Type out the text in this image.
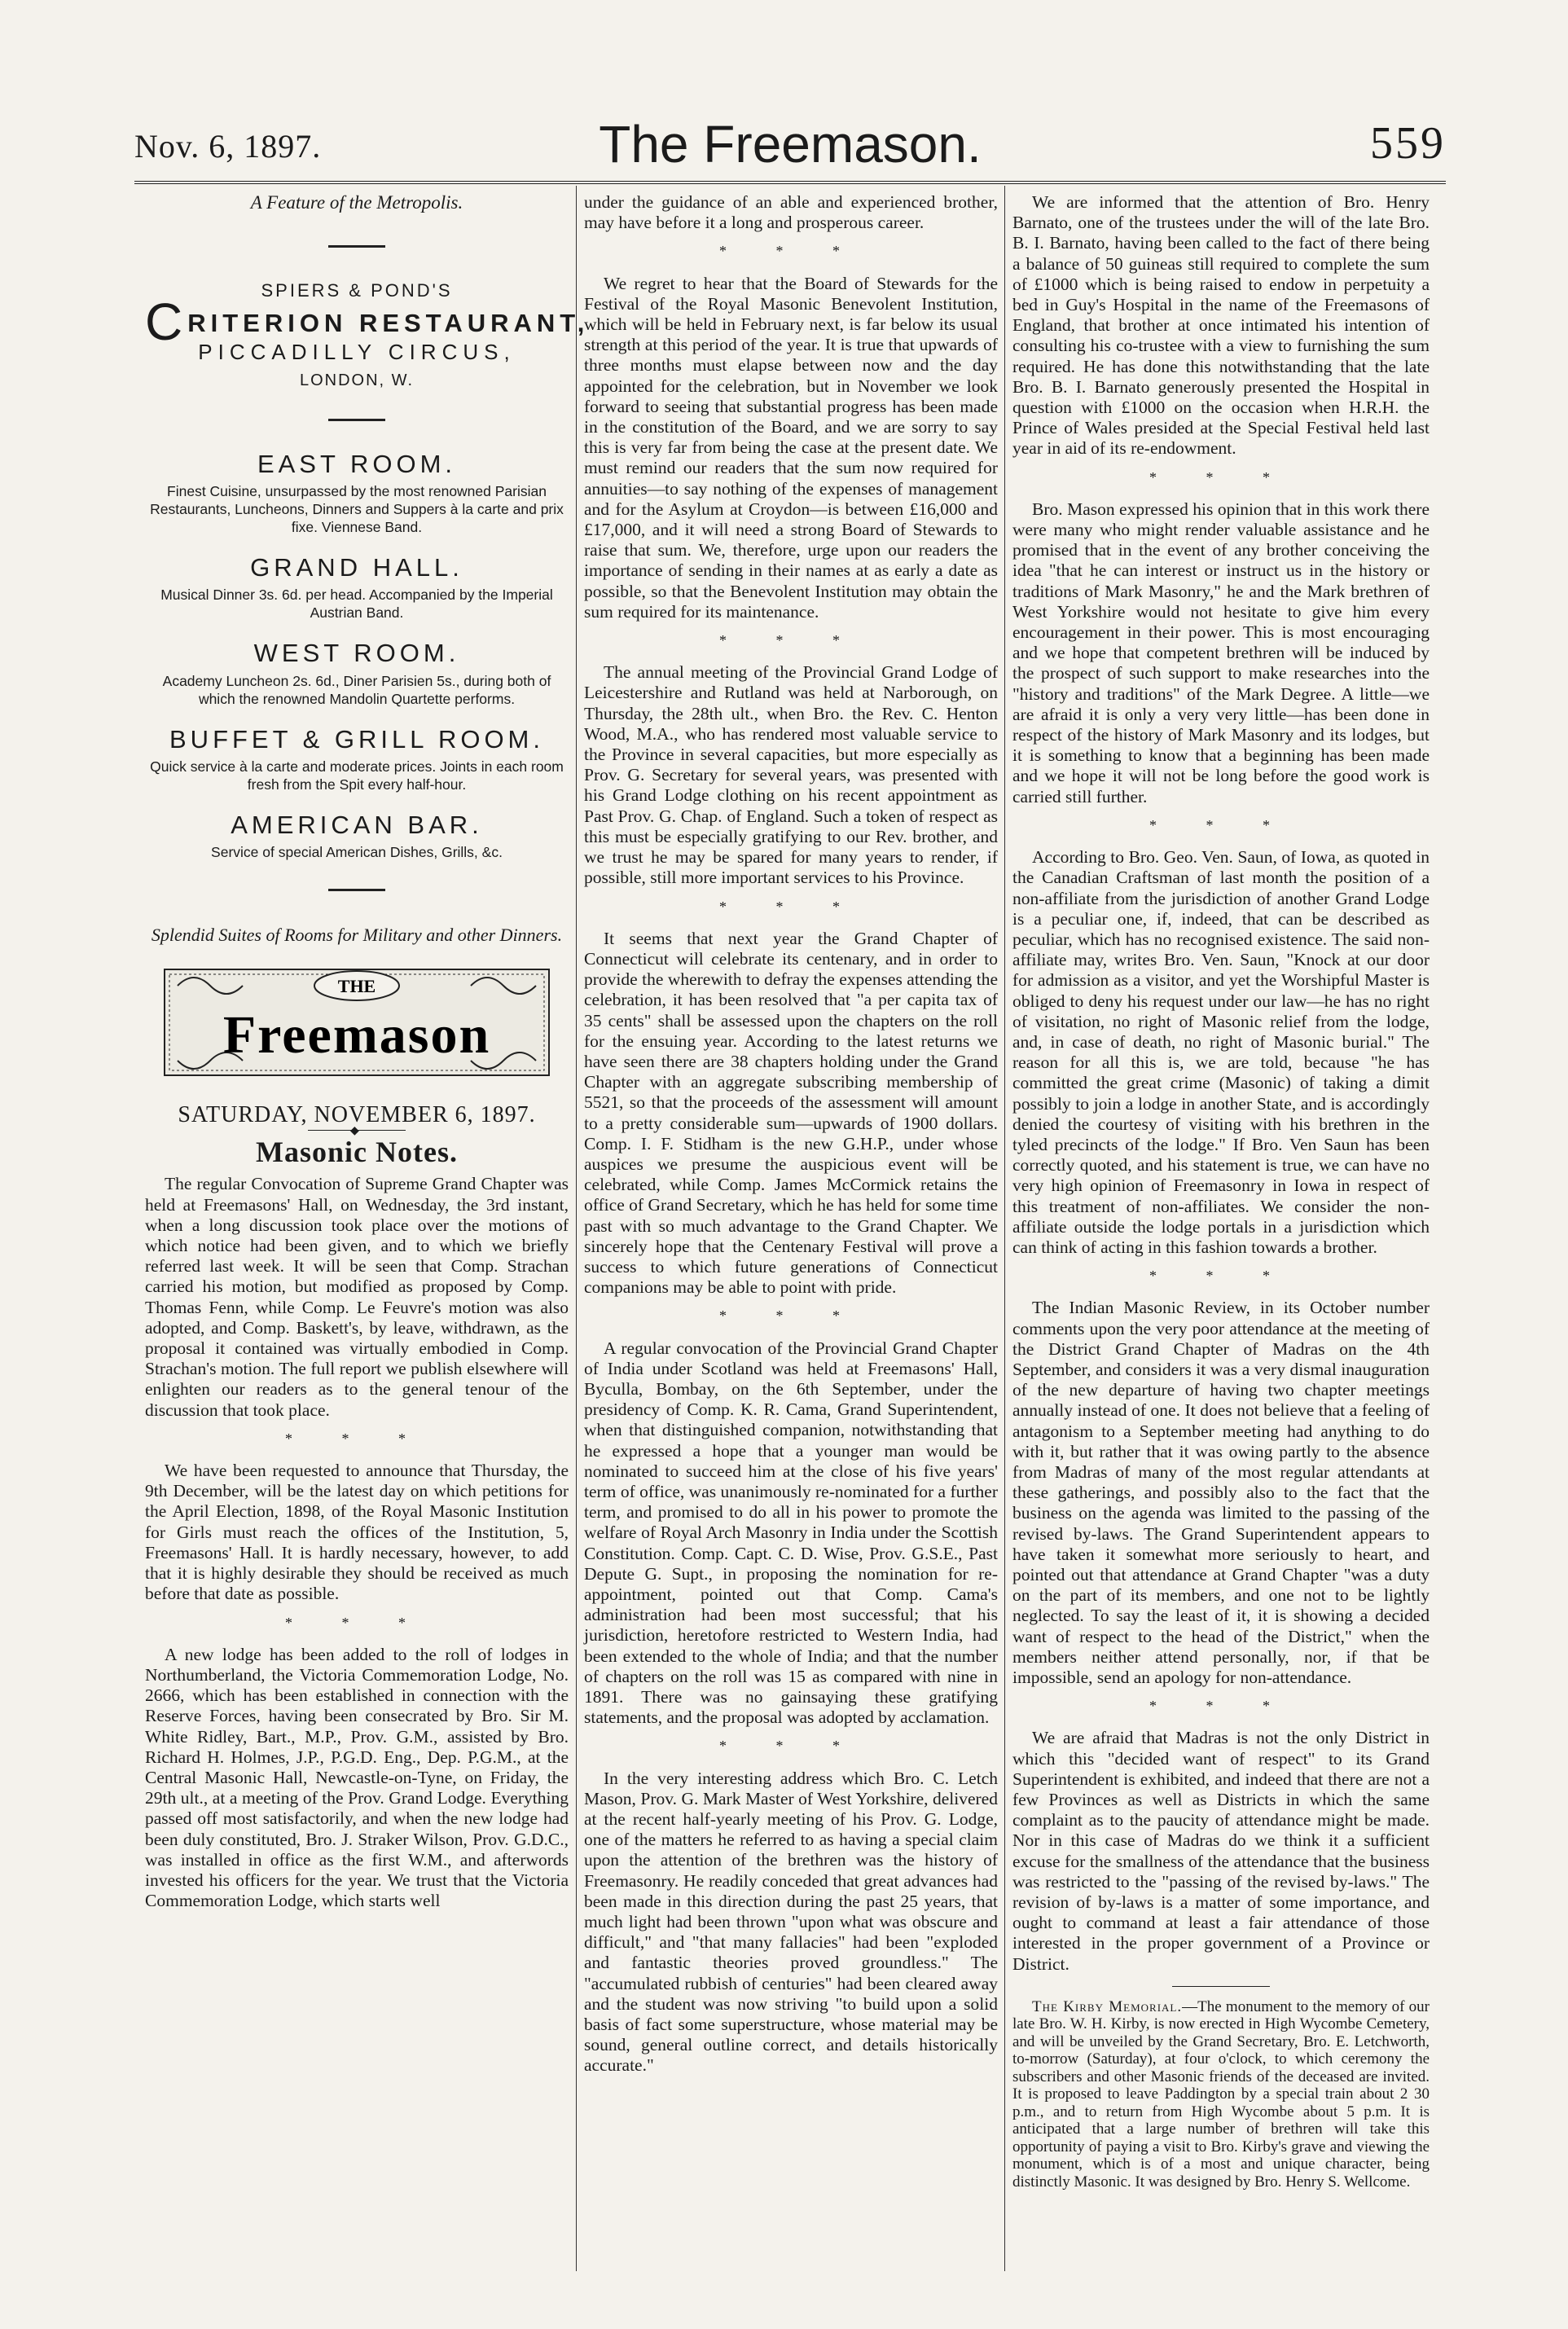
Nov. 6, 1897.	The Freemason.	559
A Feature of the Metropolis.
SPIERS & POND'S
CRITERION RESTAURANT,
PICCADILLY CIRCUS,
LONDON, W.
EAST ROOM.
Finest Cuisine, unsurpassed by the most renowned Parisian Restaurants, Luncheons, Dinners and Suppers à la carte and prix fixe. Viennese Band.
GRAND HALL.
Musical Dinner 3s. 6d. per head. Accompanied by the Imperial Austrian Band.
WEST ROOM.
Academy Luncheon 2s. 6d., Diner Parisien 5s., during both of which the renowned Mandolin Quartette performs.
BUFFET & GRILL ROOM.
Quick service à la carte and moderate prices. Joints in each room fresh from the Spit every half-hour.
AMERICAN BAR.
Service of special American Dishes, Grills, &c.
Splendid Suites of Rooms for Military and other Dinners.
THE
Freemason
SATURDAY, NOVEMBER 6, 1897.
◆
Masonic Notes.

The regular Convocation of Supreme Grand Chapter was held at Freemasons' Hall, on Wednesday, the 3rd instant, when a long discussion took place over the motions of which notice had been given, and to which we briefly referred last week. It will be seen that Comp. Strachan carried his motion, but modified as proposed by Comp. Thomas Fenn, while Comp. Le Feuvre's motion was also adopted, and Comp. Baskett's, by leave, withdrawn, as the proposal it contained was virtually embodied in Comp. Strachan's motion. The full report we publish elsewhere will enlighten our readers as to the general tenour of the discussion that took place.

* * *

We have been requested to announce that Thursday, the 9th December, will be the latest day on which petitions for the April Election, 1898, of the Royal Masonic Institution for Girls must reach the offices of the Institution, 5, Freemasons' Hall. It is hardly necessary, however, to add that it is highly desirable they should be received as much before that date as possible.

* * *

A new lodge has been added to the roll of lodges in Northumberland, the Victoria Commemoration Lodge, No. 2666, which has been established in connection with the Reserve Forces, having been consecrated by Bro. Sir M. White Ridley, Bart., M.P., Prov. G.M., assisted by Bro. Richard H. Holmes, J.P., P.G.D. Eng., Dep. P.G.M., at the Central Masonic Hall, Newcastle-on-Tyne, on Friday, the 29th ult., at a meeting of the Prov. Grand Lodge. Everything passed off most satisfactorily, and when the new lodge had been duly constituted, Bro. J. Straker Wilson, Prov. G.D.C., was installed in office as the first W.M., and afterwords invested his officers for the year. We trust that the Victoria Commemoration Lodge, which starts well

under the guidance of an able and experienced brother, may have before it a long and prosperous career.

* * *

We regret to hear that the Board of Stewards for the Festival of the Royal Masonic Benevolent Institution, which will be held in February next, is far below its usual strength at this period of the year. It is true that upwards of three months must elapse between now and the day appointed for the celebration, but in November we look forward to seeing that substantial progress has been made in the constitution of the Board, and we are sorry to say this is very far from being the case at the present date. We must remind our readers that the sum now required for annuities—to say nothing of the expenses of management and for the Asylum at Croydon—is between £16,000 and £17,000, and it will need a strong Board of Stewards to raise that sum. We, therefore, urge upon our readers the importance of sending in their names at as early a date as possible, so that the Benevolent Institution may obtain the sum required for its maintenance.

* * *

The annual meeting of the Provincial Grand Lodge of Leicestershire and Rutland was held at Narborough, on Thursday, the 28th ult., when Bro. the Rev. C. Henton Wood, M.A., who has rendered most valuable service to the Province in several capacities, but more especially as Prov. G. Secretary for several years, was presented with his Grand Lodge clothing on his recent appointment as Past Prov. G. Chap. of England. Such a token of respect as this must be especially gratifying to our Rev. brother, and we trust he may be spared for many years to render, if possible, still more important services to his Province.

* * *

It seems that next year the Grand Chapter of Connecticut will celebrate its centenary, and in order to provide the wherewith to defray the expenses attending the celebration, it has been resolved that "a per capita tax of 35 cents" shall be assessed upon the chapters on the roll for the ensuing year. According to the latest returns we have seen there are 38 chapters holding under the Grand Chapter with an aggregate subscribing membership of 5521, so that the proceeds of the assessment will amount to a pretty considerable sum—upwards of 1900 dollars. Comp. I. F. Stidham is the new G.H.P., under whose auspices we presume the auspicious event will be celebrated, while Comp. James McCormick retains the office of Grand Secretary, which he has held for some time past with so much advantage to the Grand Chapter. We sincerely hope that the Centenary Festival will prove a success to which future generations of Connecticut companions may be able to point with pride.

* * *

A regular convocation of the Provincial Grand Chapter of India under Scotland was held at Freemasons' Hall, Byculla, Bombay, on the 6th September, under the presidency of Comp. K. R. Cama, Grand Superintendent, when that distinguished companion, notwithstanding that he expressed a hope that a younger man would be nominated to succeed him at the close of his five years' term of office, was unanimously re-nominated for a further term, and promised to do all in his power to promote the welfare of Royal Arch Masonry in India under the Scottish Constitution. Comp. Capt. C. D. Wise, Prov. G.S.E., Past Depute G. Supt., in proposing the nomination for re-appointment, pointed out that Comp. Cama's administration had been most successful; that his jurisdiction, heretofore restricted to Western India, had been extended to the whole of India; and that the number of chapters on the roll was 15 as compared with nine in 1891. There was no gainsaying these gratifying statements, and the proposal was adopted by acclamation.

* * *

In the very interesting address which Bro. C. Letch Mason, Prov. G. Mark Master of West Yorkshire, delivered at the recent half-yearly meeting of his Prov. G. Lodge, one of the matters he referred to as having a special claim upon the attention of the brethren was the history of Freemasonry. He readily conceded that great advances had been made in this direction during the past 25 years, that much light had been thrown "upon what was obscure and difficult," and "that many fallacies" had been "exploded and fantastic theories proved groundless." The "accumulated rubbish of centuries" had been cleared away and the student was now striving "to build upon a solid basis of fact some superstructure, whose material may be sound, general outline correct, and details historically accurate."

We are informed that the attention of Bro. Henry Barnato, one of the trustees under the will of the late Bro. B. I. Barnato, having been called to the fact of there being a balance of 50 guineas still required to complete the sum of £1000 which is being raised to endow in perpetuity a bed in Guy's Hospital in the name of the Freemasons of England, that brother at once intimated his intention of consulting his co-trustee with a view to furnishing the sum required. He has done this notwithstanding that the late Bro. B. I. Barnato generously presented the Hospital in question with £1000 on the occasion when H.R.H. the Prince of Wales presided at the Special Festival held last year in aid of its re-endowment.

* * *

Bro. Mason expressed his opinion that in this work there were many who might render valuable assistance and he promised that in the event of any brother conceiving the idea "that he can interest or instruct us in the history or traditions of Mark Masonry," he and the Mark brethren of West Yorkshire would not hesitate to give him every encouragement in their power. This is most encouraging and we hope that competent brethren will be induced by the prospect of such support to make researches into the "history and traditions" of the Mark Degree. A little—we are afraid it is only a very very little—has been done in respect of the history of Mark Masonry and its lodges, but it is something to know that a beginning has been made and we hope it will not be long before the good work is carried still further.

* * *

According to Bro. Geo. Ven. Saun, of Iowa, as quoted in the Canadian Craftsman of last month the position of a non-affiliate from the jurisdiction of another Grand Lodge is a peculiar one, if, indeed, that can be described as peculiar, which has no recognised existence. The said non-affiliate may, writes Bro. Ven. Saun, "Knock at our door for admission as a visitor, and yet the Worshipful Master is obliged to deny his request under our law—he has no right of visitation, no right of Masonic relief from the lodge, and, in case of death, no right of Masonic burial." The reason for all this is, we are told, because "he has committed the great crime (Masonic) of taking a dimit possibly to join a lodge in another State, and is accordingly denied the courtesy of visiting with his brethren in the tyled precincts of the lodge." If Bro. Ven Saun has been correctly quoted, and his statement is true, we can have no very high opinion of Freemasonry in Iowa in respect of this treatment of non-affiliates. We consider the non-affiliate outside the lodge portals in a jurisdiction which can think of acting in this fashion towards a brother.

* * *

The Indian Masonic Review, in its October number comments upon the very poor attendance at the meeting of the District Grand Chapter of Madras on the 4th September, and considers it was a very dismal inauguration of the new departure of having two chapter meetings annually instead of one. It does not believe that a feeling of antagonism to a September meeting had anything to do with it, but rather that it was owing partly to the absence from Madras of many of the most regular attendants at these gatherings, and possibly also to the fact that the business on the agenda was limited to the passing of the revised by-laws. The Grand Superintendent appears to have taken it somewhat more seriously to heart, and pointed out that attendance at Grand Chapter "was a duty on the part of its members, and one not to be lightly neglected. To say the least of it, it is showing a decided want of respect to the head of the District," when the members neither attend personally, nor, if that be impossible, send an apology for non-attendance.

* * *

We are afraid that Madras is not the only District in which this "decided want of respect" to its Grand Superintendent is exhibited, and indeed that there are not a few Provinces as well as Districts in which the same complaint as to the paucity of attendance might be made. Nor in this case of Madras do we think it a sufficient excuse for the smallness of the attendance that the business was restricted to the "passing of the revised by-laws." The revision of by-laws is a matter of some importance, and ought to command at least a fair attendance of those interested in the proper government of a Province or District.

The Kirby Memorial.—The monument to the memory of our late Bro. W. H. Kirby, is now erected in High Wycombe Cemetery, and will be unveiled by the Grand Secretary, Bro. E. Letchworth, to-morrow (Saturday), at four o'clock, to which ceremony the subscribers and other Masonic friends of the deceased are invited. It is proposed to leave Paddington by a special train about 2 30 p.m., and to return from High Wycombe about 5 p.m. It is anticipated that a large number of brethren will take this opportunity of paying a visit to Bro. Kirby's grave and viewing the monument, which is of a most and unique character, being distinctly Masonic. It was designed by Bro. Henry S. Wellcome.
